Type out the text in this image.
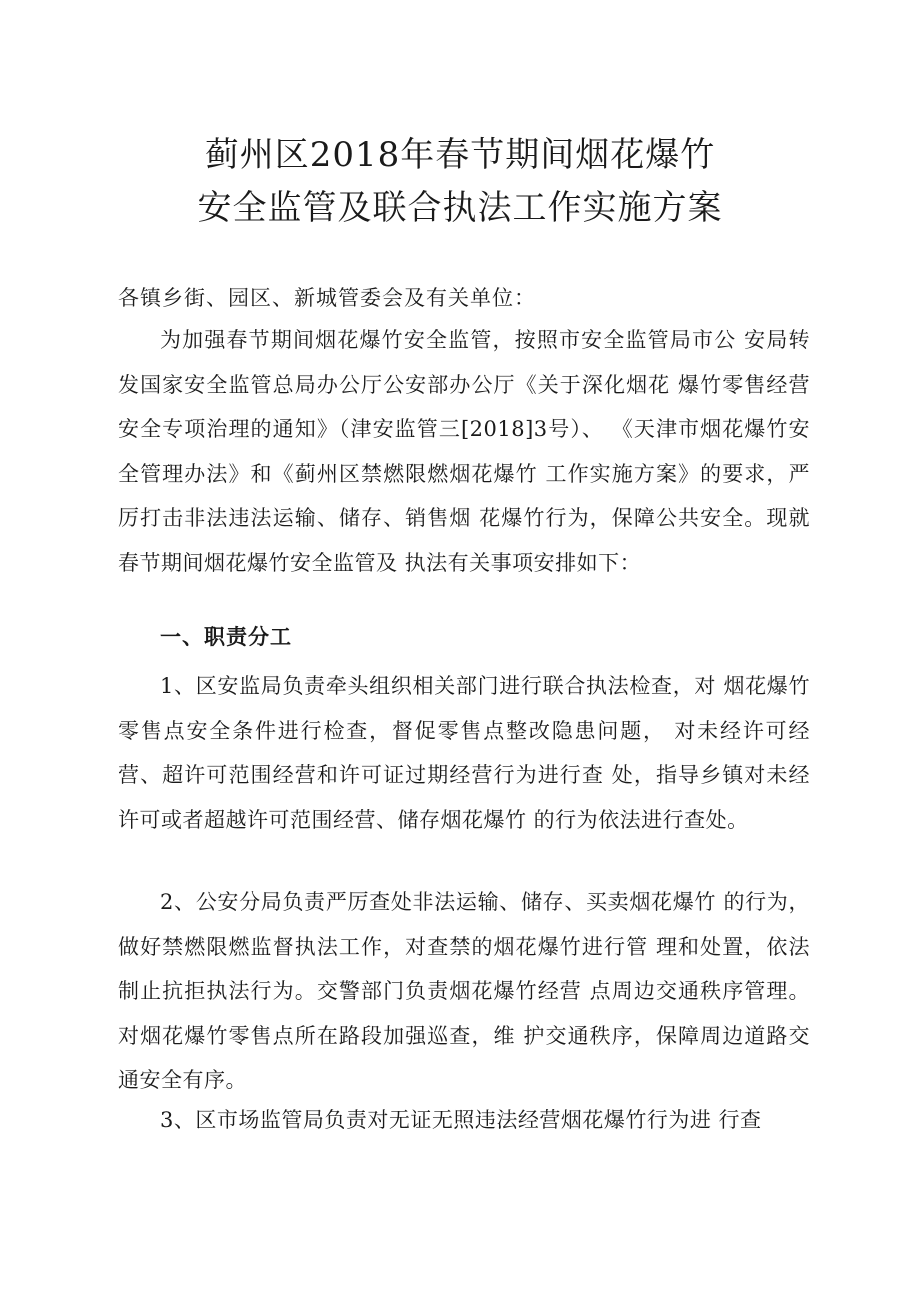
蓟州区2018年春节期间烟花爆竹
安全监管及联合执法工作实施方案
各镇乡街、园区、新城管委会及有关单位：

为加强春节期间烟花爆竹安全监管，按照市安全监管局市公 安局转发国家安全监管总局办公厅公安部办公厅《关于深化烟花 爆竹零售经营安全专项治理的通知》（津安监管三[2018]3号）、 《天津市烟花爆竹安全管理办法》和《蓟州区禁燃限燃烟花爆竹 工作实施方案》的要求，严厉打击非法违法运输、储存、销售烟 花爆竹行为，保障公共安全。现就春节期间烟花爆竹安全监管及 执法有关事项安排如下：

一、职责分工

1、区安监局负责牵头组织相关部门进行联合执法检查，对 烟花爆竹零售点安全条件进行检查，督促零售点整改隐患问题， 对未经许可经营、超许可范围经营和许可证过期经营行为进行查 处，指导乡镇对未经许可或者超越许可范围经营、储存烟花爆竹 的行为依法进行查处。

2、公安分局负责严厉查处非法运输、储存、买卖烟花爆竹 的行为，做好禁燃限燃监督执法工作，对查禁的烟花爆竹进行管 理和处置，依法制止抗拒执法行为。交警部门负责烟花爆竹经营 点周边交通秩序管理。对烟花爆竹零售点所在路段加强巡查，维 护交通秩序，保障周边道路交通安全有序。

3、区市场监管局负责对无证无照违法经营烟花爆竹行为进 行查
